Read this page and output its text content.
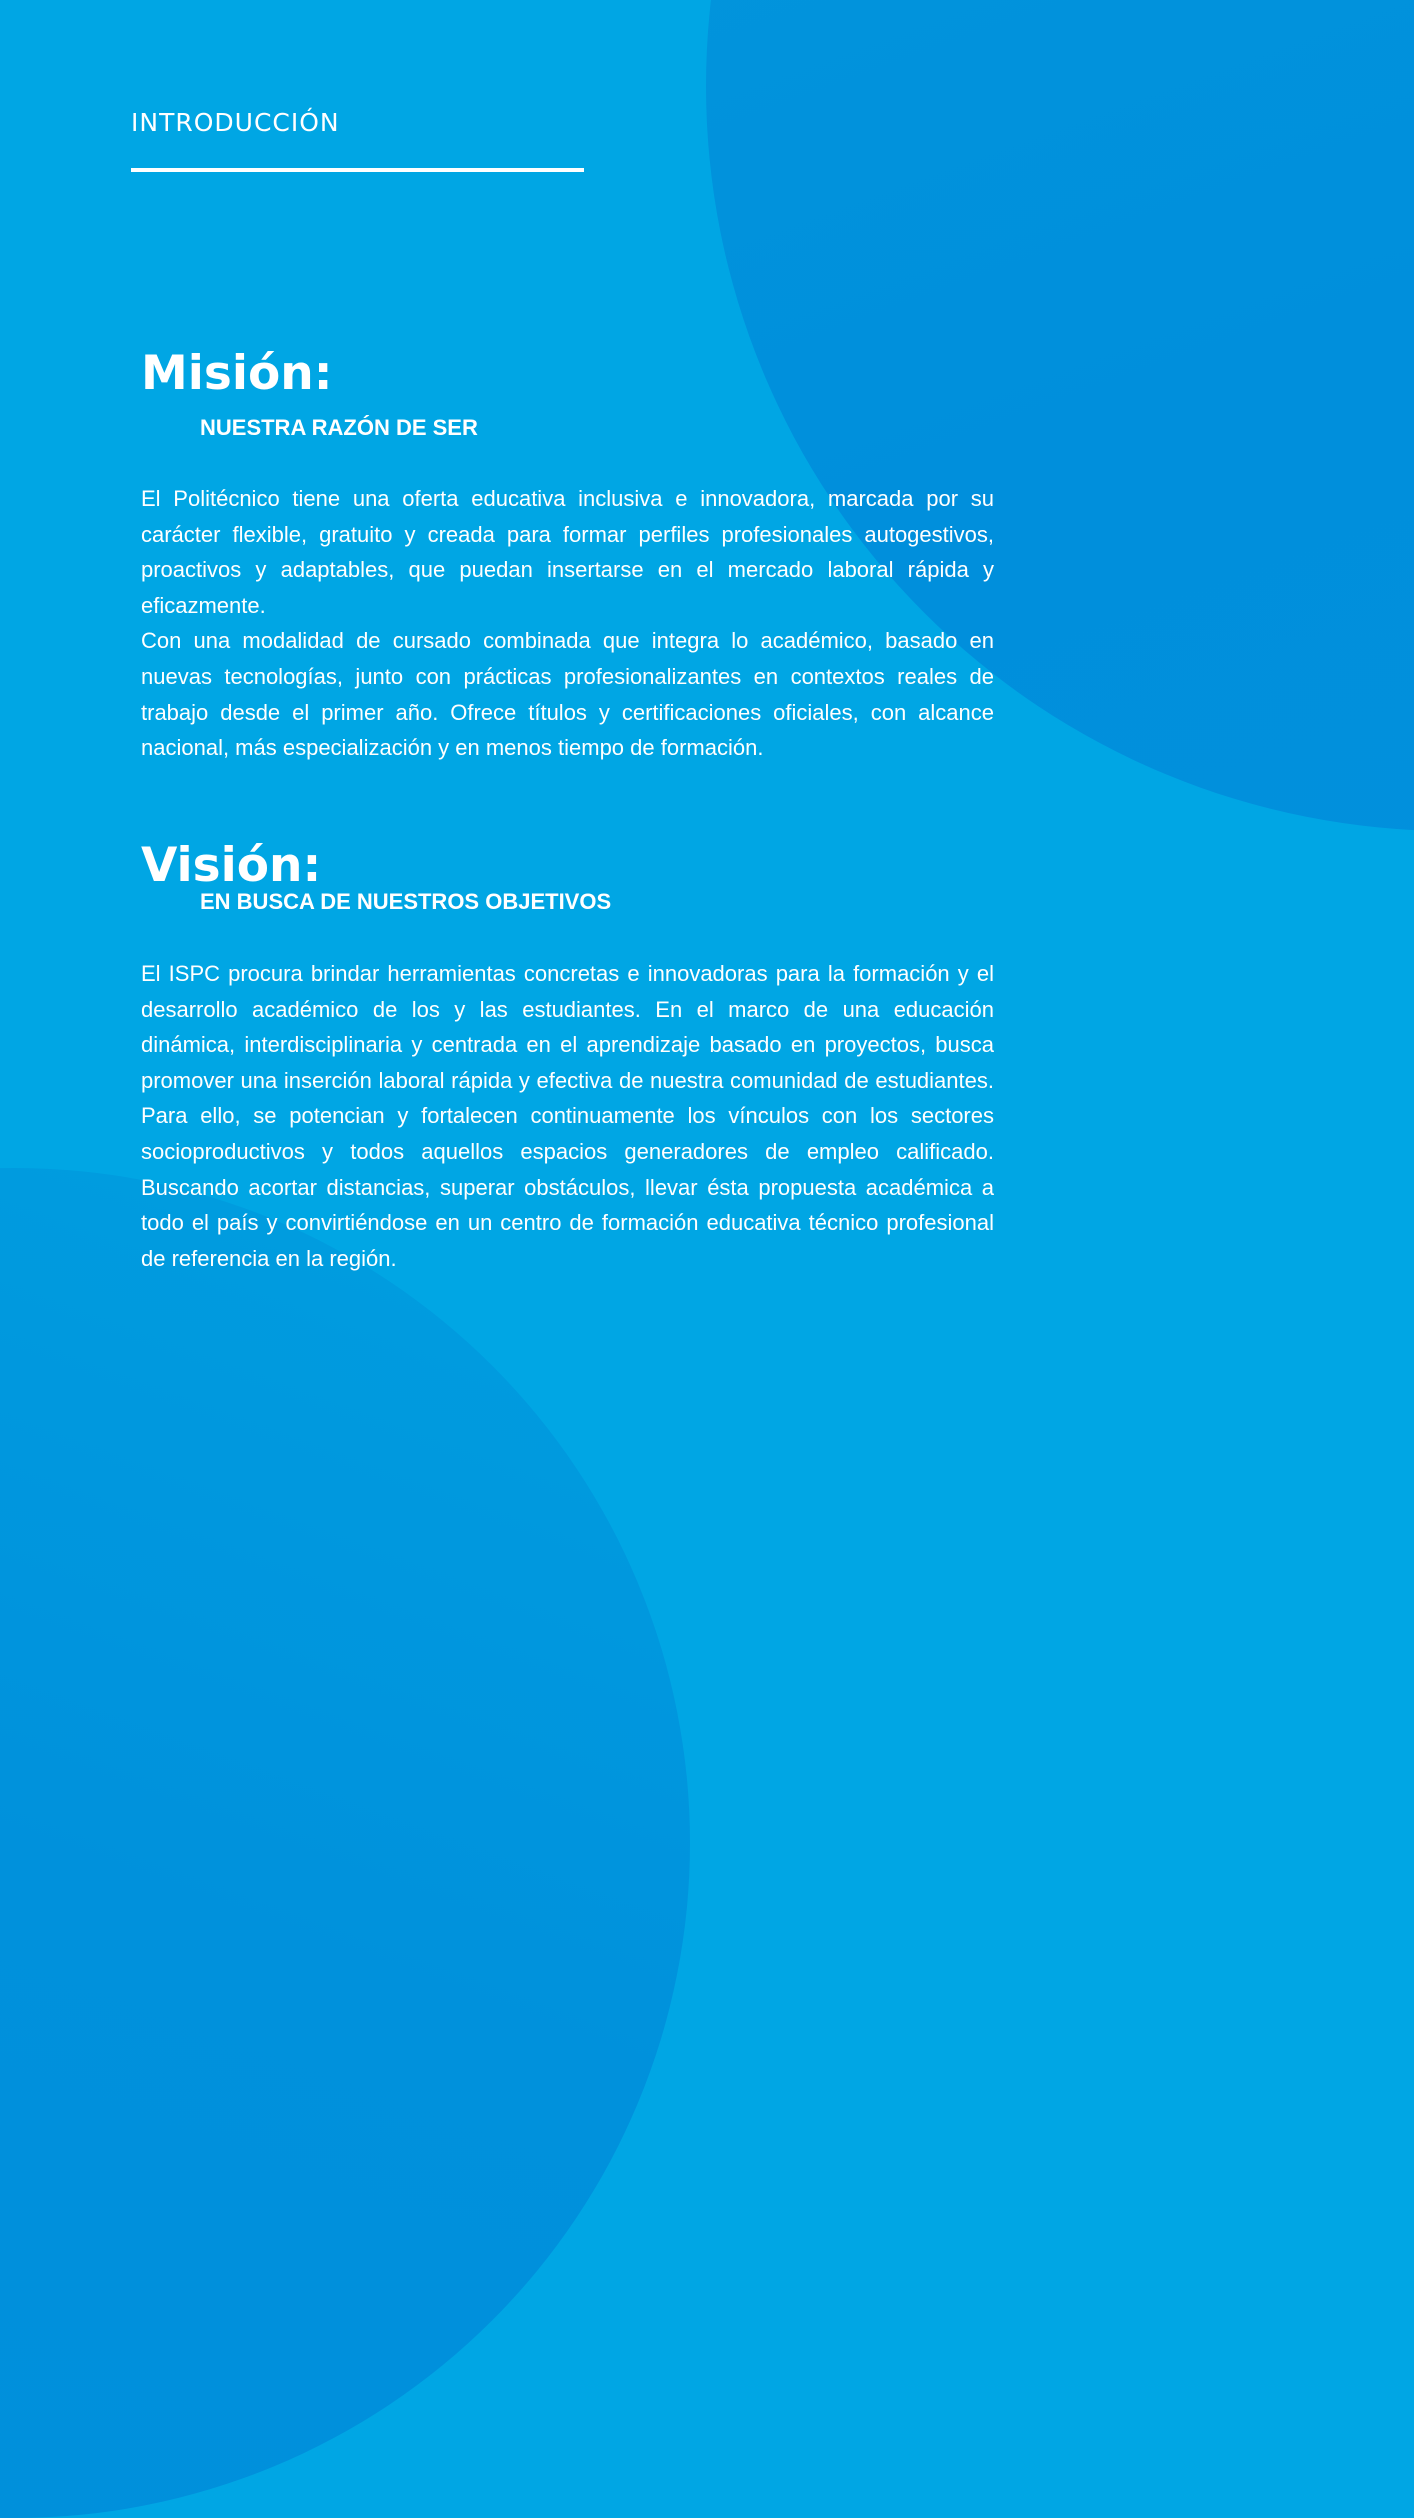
INTRODUCCIÓN
Misión:
NUESTRA RAZÓN DE SER

El Politécnico tiene una oferta educativa inclusiva e innovadora, marcada por su carácter flexible, gratuito y creada para formar perfiles profesionales autogestivos, proactivos y adaptables, que puedan insertarse en el mercado laboral rápida y eficazmente.

Con una modalidad de cursado combinada que integra lo académico, basado en nuevas tecnologías, junto con prácticas profesionalizantes en contextos reales de trabajo desde el primer año. Ofrece títulos y certificaciones oficiales, con alcance nacional, más especialización y en menos tiempo de formación.

Visión:
EN BUSCA DE NUESTROS OBJETIVOS

El ISPC procura brindar herramientas concretas e innovadoras para la formación y el desarrollo académico de los y las estudiantes. En el marco de una educación dinámica, interdisciplinaria y centrada en el aprendizaje basado en proyectos, busca promover una inserción laboral rápida y efectiva de nuestra comunidad de estudiantes. Para ello, se potencian y fortalecen continuamente los vínculos con los sectores socioproductivos y todos aquellos espacios generadores de empleo calificado. Buscando acortar distancias, superar obstáculos, llevar ésta propuesta académica a todo el país y convirtiéndose en un centro de formación educativa técnico profesional de referencia en la región.
